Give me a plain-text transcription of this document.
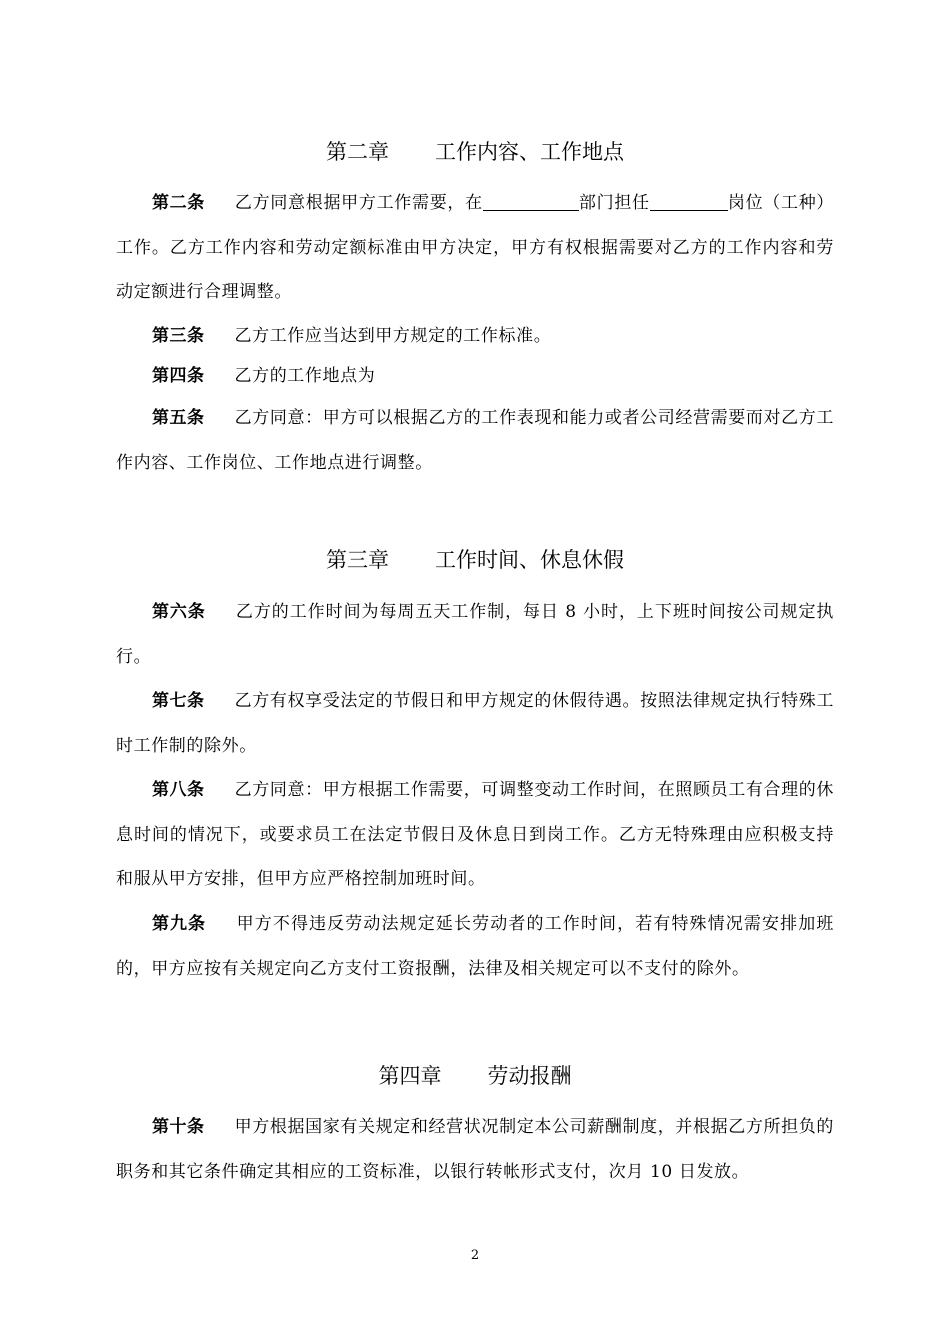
第二章 工作内容、工作地点
第二条 乙方同意根据甲方工作需要，在	部门担任	岗位（工种）工作。乙方工作内容和劳动定额标准由甲方决定，甲方有权根据需要对乙方的工作内容和劳动定额进行合理调整。
第三条 乙方工作应当达到甲方规定的工作标准。
第四条 乙方的工作地点为
第五条 乙方同意：甲方可以根据乙方的工作表现和能力或者公司经营需要而对乙方工作内容、工作岗位、工作地点进行调整。
第三章 工作时间、休息休假
第六条 乙方的工作时间为每周五天工作制，每日 8 小时，上下班时间按公司规定执行。
第七条 乙方有权享受法定的节假日和甲方规定的休假待遇。按照法律规定执行特殊工时工作制的除外。
第八条 乙方同意：甲方根据工作需要，可调整变动工作时间，在照顾员工有合理的休息时间的情况下，或要求员工在法定节假日及休息日到岗工作。乙方无特殊理由应积极支持和服从甲方安排，但甲方应严格控制加班时间。
第九条 甲方不得违反劳动法规定延长劳动者的工作时间，若有特殊情况需安排加班的，甲方应按有关规定向乙方支付工资报酬，法律及相关规定可以不支付的除外。
第四章 劳动报酬
第十条 甲方根据国家有关规定和经营状况制定本公司薪酬制度，并根据乙方所担负的职务和其它条件确定其相应的工资标准，以银行转帐形式支付，次月 10 日发放。
2
